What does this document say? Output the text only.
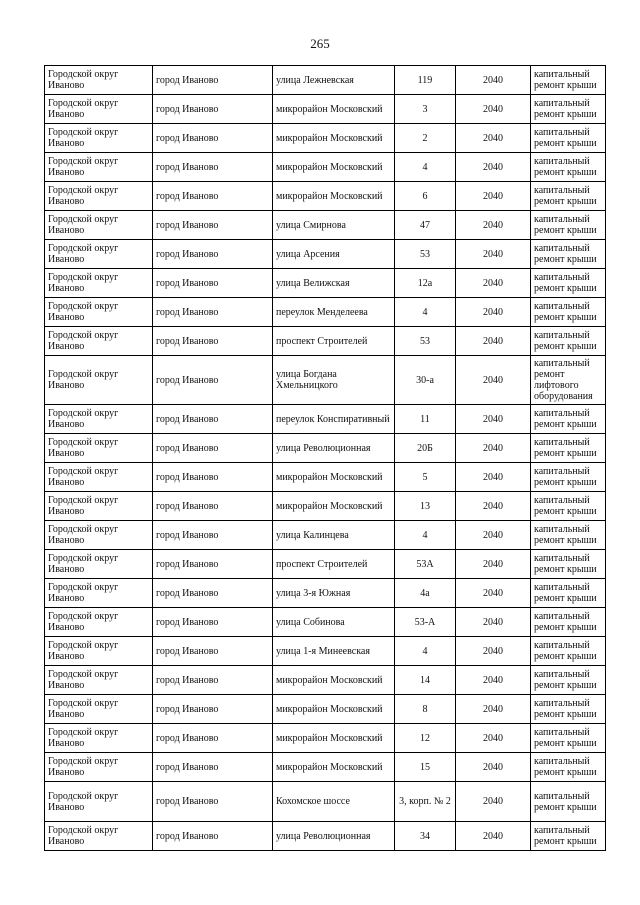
265
Городской округ Иваново	город Иваново	улица Лежневская	119	2040	капитальный ремонт крыши
Городской округ Иваново	город Иваново	микрорайон Московский	3	2040	капитальный ремонт крыши
Городской округ Иваново	город Иваново	микрорайон Московский	2	2040	капитальный ремонт крыши
Городской округ Иваново	город Иваново	микрорайон Московский	4	2040	капитальный ремонт крыши
Городской округ Иваново	город Иваново	микрорайон Московский	6	2040	капитальный ремонт крыши
Городской округ Иваново	город Иваново	улица Смирнова	47	2040	капитальный ремонт крыши
Городской округ Иваново	город Иваново	улица Арсения	53	2040	капитальный ремонт крыши
Городской округ Иваново	город Иваново	улица Велижская	12а	2040	капитальный ремонт крыши
Городской округ Иваново	город Иваново	переулок Менделеева	4	2040	капитальный ремонт крыши
Городской округ Иваново	город Иваново	проспект Строителей	53	2040	капитальный ремонт крыши
Городской округ Иваново	город Иваново	улица Богдана Хмельницкого	30-а	2040	капитальный ремонт лифтового оборудования
Городской округ Иваново	город Иваново	переулок Конспиративный	11	2040	капитальный ремонт крыши
Городской округ Иваново	город Иваново	улица Революционная	20Б	2040	капитальный ремонт крыши
Городской округ Иваново	город Иваново	микрорайон Московский	5	2040	капитальный ремонт крыши
Городской округ Иваново	город Иваново	микрорайон Московский	13	2040	капитальный ремонт крыши
Городской округ Иваново	город Иваново	улица Калинцева	4	2040	капитальный ремонт крыши
Городской округ Иваново	город Иваново	проспект Строителей	53А	2040	капитальный ремонт крыши
Городской округ Иваново	город Иваново	улица 3-я Южная	4а	2040	капитальный ремонт крыши
Городской округ Иваново	город Иваново	улица Собинова	53-А	2040	капитальный ремонт крыши
Городской округ Иваново	город Иваново	улица 1-я Минеевская	4	2040	капитальный ремонт крыши
Городской округ Иваново	город Иваново	микрорайон Московский	14	2040	капитальный ремонт крыши
Городской округ Иваново	город Иваново	микрорайон Московский	8	2040	капитальный ремонт крыши
Городской округ Иваново	город Иваново	микрорайон Московский	12	2040	капитальный ремонт крыши
Городской округ Иваново	город Иваново	микрорайон Московский	15	2040	капитальный ремонт крыши
Городской округ Иваново	город Иваново	Кохомское шоссе	3, корп. № 2	2040	капитальный ремонт крыши
Городской округ Иваново	город Иваново	улица Революционная	34	2040	капитальный ремонт крыши
